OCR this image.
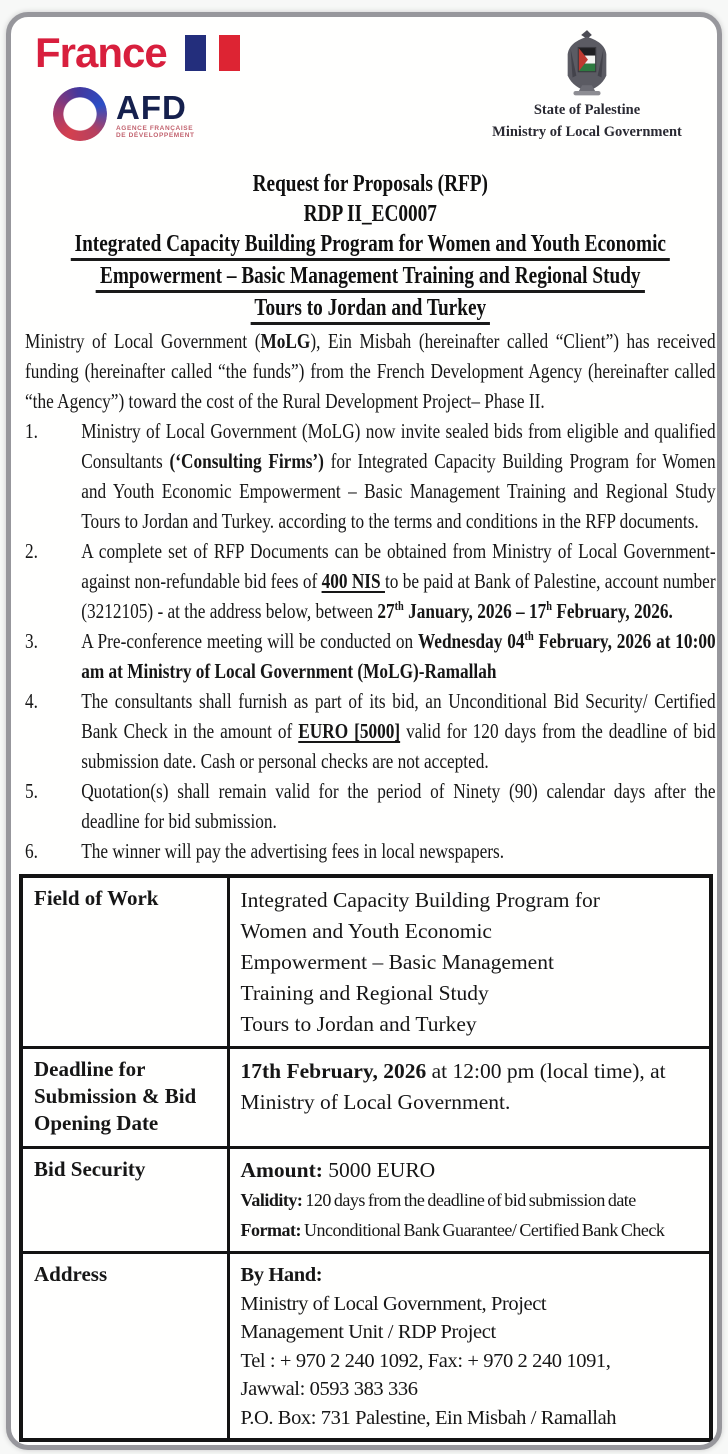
France
AFD
AGENCE FRANÇAISE
DE DÉVELOPPEMENT
State of Palestine
Ministry of Local Government
Request for Proposals (RFP)
RDP II_EC0007
Integrated Capacity Building Program for Women and Youth Economic
Empowerment – Basic Management Training and Regional Study
Tours to Jordan and Turkey

Ministry of Local Government (MoLG), Ein Misbah (hereinafter called “Client”) has received funding (hereinafter called “the funds”) from the French Development Agency (hereinafter called “the Agency”) toward the cost of the Rural Development Project– Phase II.

1.	Ministry of Local Government (MoLG) now invite sealed bids from eligible and qualified Consultants (‘Consulting Firms’) for Integrated Capacity Building Program for Women and Youth Economic Empowerment – Basic Management Training and Regional Study Tours to Jordan and Turkey. according to the terms and conditions in the RFP documents.
2.	A complete set of RFP Documents can be obtained from Ministry of Local Government- against non-refundable bid fees of 400 NIS to be paid at Bank of Palestine, account number (3212105) - at the address below, between 27th January, 2026 – 17$^h$ February, 2026.
3.	A Pre-conference meeting will be conducted on Wednesday 04th February, 2026 at 10:00 am at Ministry of Local Government (MoLG)-Ramallah
4.	The consultants shall furnish as part of its bid, an Unconditional Bid Security/ Certified Bank Check in the amount of EURO [5000] valid for 120 days from the deadline of bid submission date. Cash or personal checks are not accepted.
5.	Quotation(s) shall remain valid for the period of Ninety (90) calendar days after the deadline for bid submission.
6.	The winner will pay the advertising fees in local newspapers.
Field of Work	Integrated Capacity Building Program for
Women and Youth Economic
Empowerment – Basic Management
Training and Regional Study
Tours to Jordan and Turkey
Deadline for Submission & Bid Opening Date	17th February, 2026 at 12:00 pm (local time), at Ministry of Local Government.
Bid Security	Amount: 5000 EURO
Validity: 120 days from the deadline of bid submission date
Format: Unconditional Bank Guarantee/ Certified Bank Check
Address	By Hand:
Ministry of Local Government, Project
Management Unit / RDP Project
Tel : + 970 2 240 1092, Fax: + 970 2 240 1091,
Jawwal: 0593 383 336
P.O. Box: 731 Palestine, Ein Misbah / Ramallah
